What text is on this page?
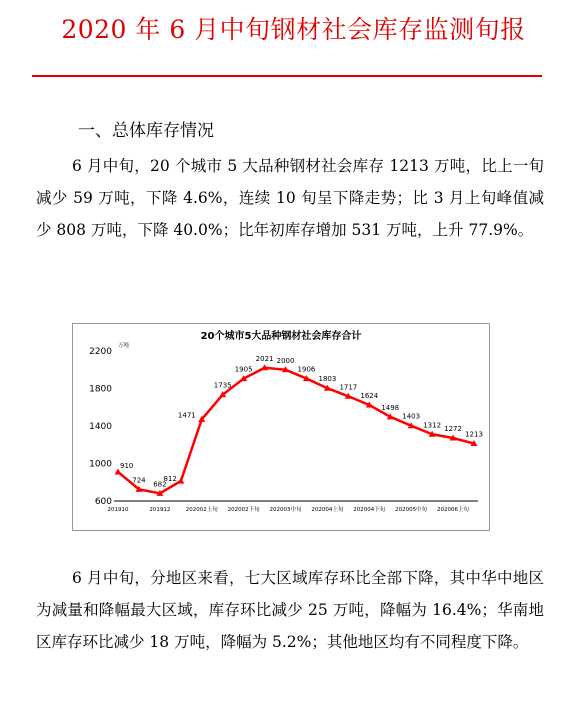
2020 年 6 月中旬钢材社会库存监测旬报
一、总体库存情况
6 月中旬，20 个城市 5 大品种钢材社会库存 1213 万吨，比上一旬减少 59 万吨，下降 4.6%，连续 10 旬呈下降走势；比 3 月上旬峰值减少 808 万吨，下降 40.0%；比年初库存增加 531 万吨，上升 77.9%。
20个城市5大品种钢材社会库存合计
万吨
600
1000
1400
1800
2200
201910	201912	202002上旬 202002下旬 202003中旬 202004上旬 202004下旬 202005中旬 202006上旬
910
724 682
812
1471
1735
1905
2021 2000
1906
1803
1717
1624
1498
1403
1312 1272
1213
6 月中旬，分地区来看，七大区域库存环比全部下降，其中华中地区为减量和降幅最大区域，库存环比减少 25 万吨，降幅为 16.4%；华南地区库存环比减少 18 万吨，降幅为 5.2%；其他地区均有不同程度下降。
